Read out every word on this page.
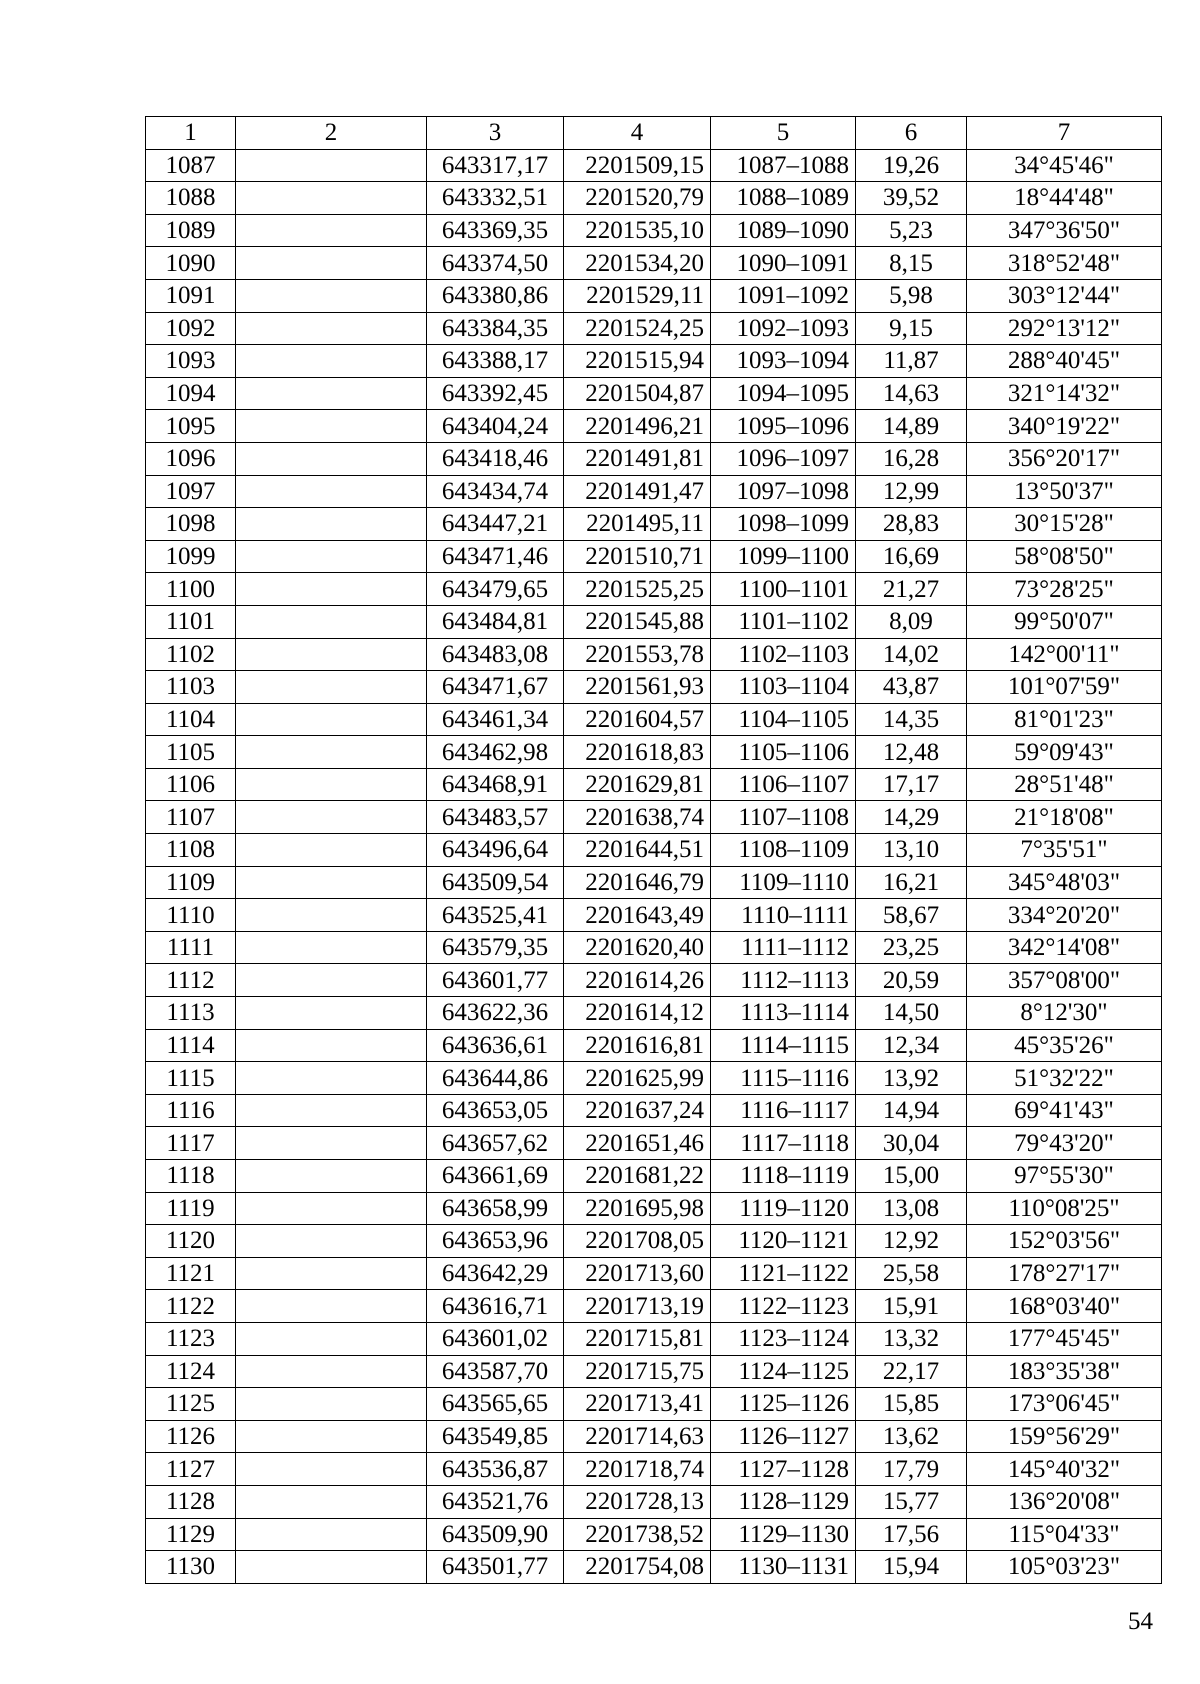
1	2	3	4	5	6	7
1087		643317,17	2201509,15	1087–1088	19,26	34°45'46"
1088		643332,51	2201520,79	1088–1089	39,52	18°44'48"
1089		643369,35	2201535,10	1089–1090	5,23	347°36'50"
1090		643374,50	2201534,20	1090–1091	8,15	318°52'48"
1091		643380,86	2201529,11	1091–1092	5,98	303°12'44"
1092		643384,35	2201524,25	1092–1093	9,15	292°13'12"
1093		643388,17	2201515,94	1093–1094	11,87	288°40'45"
1094		643392,45	2201504,87	1094–1095	14,63	321°14'32"
1095		643404,24	2201496,21	1095–1096	14,89	340°19'22"
1096		643418,46	2201491,81	1096–1097	16,28	356°20'17"
1097		643434,74	2201491,47	1097–1098	12,99	13°50'37"
1098		643447,21	2201495,11	1098–1099	28,83	30°15'28"
1099		643471,46	2201510,71	1099–1100	16,69	58°08'50"
1100		643479,65	2201525,25	1100–1101	21,27	73°28'25"
1101		643484,81	2201545,88	1101–1102	8,09	99°50'07"
1102		643483,08	2201553,78	1102–1103	14,02	142°00'11"
1103		643471,67	2201561,93	1103–1104	43,87	101°07'59"
1104		643461,34	2201604,57	1104–1105	14,35	81°01'23"
1105		643462,98	2201618,83	1105–1106	12,48	59°09'43"
1106		643468,91	2201629,81	1106–1107	17,17	28°51'48"
1107		643483,57	2201638,74	1107–1108	14,29	21°18'08"
1108		643496,64	2201644,51	1108–1109	13,10	7°35'51"
1109		643509,54	2201646,79	1109–1110	16,21	345°48'03"
1110		643525,41	2201643,49	1110–1111	58,67	334°20'20"
1111		643579,35	2201620,40	1111–1112	23,25	342°14'08"
1112		643601,77	2201614,26	1112–1113	20,59	357°08'00"
1113		643622,36	2201614,12	1113–1114	14,50	8°12'30"
1114		643636,61	2201616,81	1114–1115	12,34	45°35'26"
1115		643644,86	2201625,99	1115–1116	13,92	51°32'22"
1116		643653,05	2201637,24	1116–1117	14,94	69°41'43"
1117		643657,62	2201651,46	1117–1118	30,04	79°43'20"
1118		643661,69	2201681,22	1118–1119	15,00	97°55'30"
1119		643658,99	2201695,98	1119–1120	13,08	110°08'25"
1120		643653,96	2201708,05	1120–1121	12,92	152°03'56"
1121		643642,29	2201713,60	1121–1122	25,58	178°27'17"
1122		643616,71	2201713,19	1122–1123	15,91	168°03'40"
1123		643601,02	2201715,81	1123–1124	13,32	177°45'45"
1124		643587,70	2201715,75	1124–1125	22,17	183°35'38"
1125		643565,65	2201713,41	1125–1126	15,85	173°06'45"
1126		643549,85	2201714,63	1126–1127	13,62	159°56'29"
1127		643536,87	2201718,74	1127–1128	17,79	145°40'32"
1128		643521,76	2201728,13	1128–1129	15,77	136°20'08"
1129		643509,90	2201738,52	1129–1130	17,56	115°04'33"
1130		643501,77	2201754,08	1130–1131	15,94	105°03'23"
54
